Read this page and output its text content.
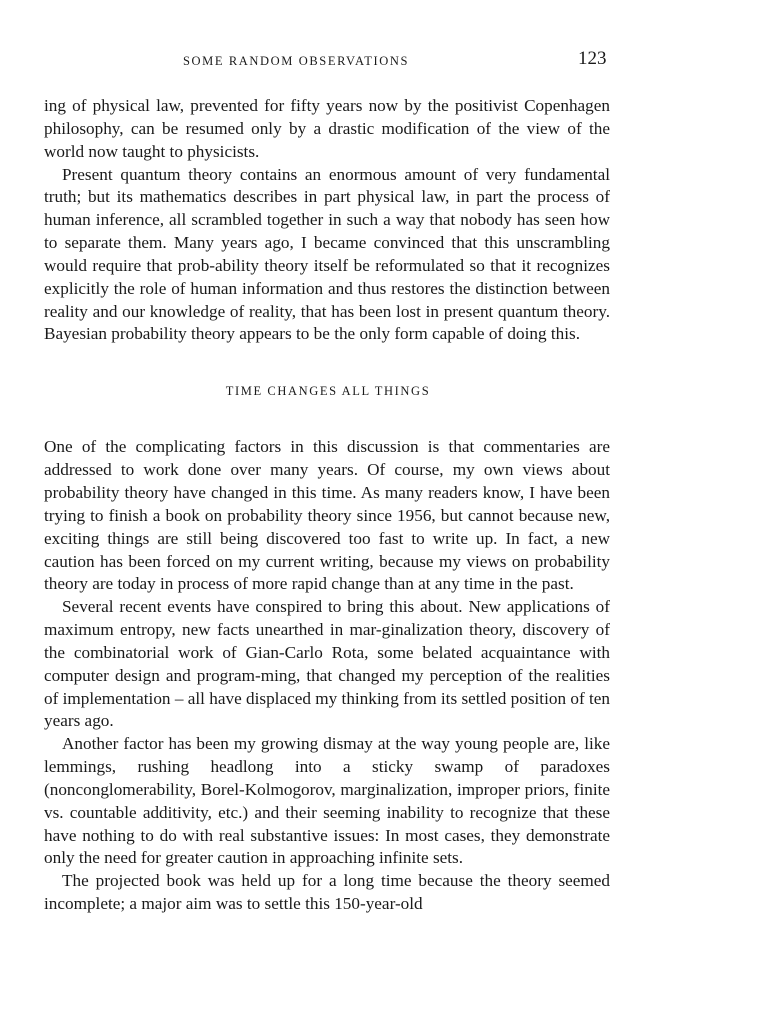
SOME RANDOM OBSERVATIONS	123

ing of physical law, prevented for fifty years now by the positivist Copenhagen philosophy, can be resumed only by a drastic modification of the view of the world now taught to physicists.

Present quantum theory contains an enormous amount of very fundamental truth; but its mathematics describes in part physical law, in part the process of human inference, all scrambled together in such a way that nobody has seen how to separate them. Many years ago, I became convinced that this unscrambling would require that prob-ability theory itself be reformulated so that it recognizes explicitly the role of human information and thus restores the distinction between reality and our knowledge of reality, that has been lost in present quantum theory. Bayesian probability theory appears to be the only form capable of doing this.

TIME CHANGES ALL THINGS

One of the complicating factors in this discussion is that commentaries are addressed to work done over many years. Of course, my own views about probability theory have changed in this time. As many readers know, I have been trying to finish a book on probability theory since 1956, but cannot because new, exciting things are still being discovered too fast to write up. In fact, a new caution has been forced on my current writing, because my views on probability theory are today in process of more rapid change than at any time in the past.

Several recent events have conspired to bring this about. New applications of maximum entropy, new facts unearthed in mar-ginalization theory, discovery of the combinatorial work of Gian-Carlo Rota, some belated acquaintance with computer design and program-ming, that changed my perception of the realities of implementation – all have displaced my thinking from its settled position of ten years ago.

Another factor has been my growing dismay at the way young people are, like lemmings, rushing headlong into a sticky swamp of paradoxes (nonconglomerability, Borel-Kolmogorov, marginalization, improper priors, finite vs. countable additivity, etc.) and their seeming inability to recognize that these have nothing to do with real substantive issues: In most cases, they demonstrate only the need for greater caution in approaching infinite sets.

The projected book was held up for a long time because the theory seemed incomplete; a major aim was to settle this 150-year-old
